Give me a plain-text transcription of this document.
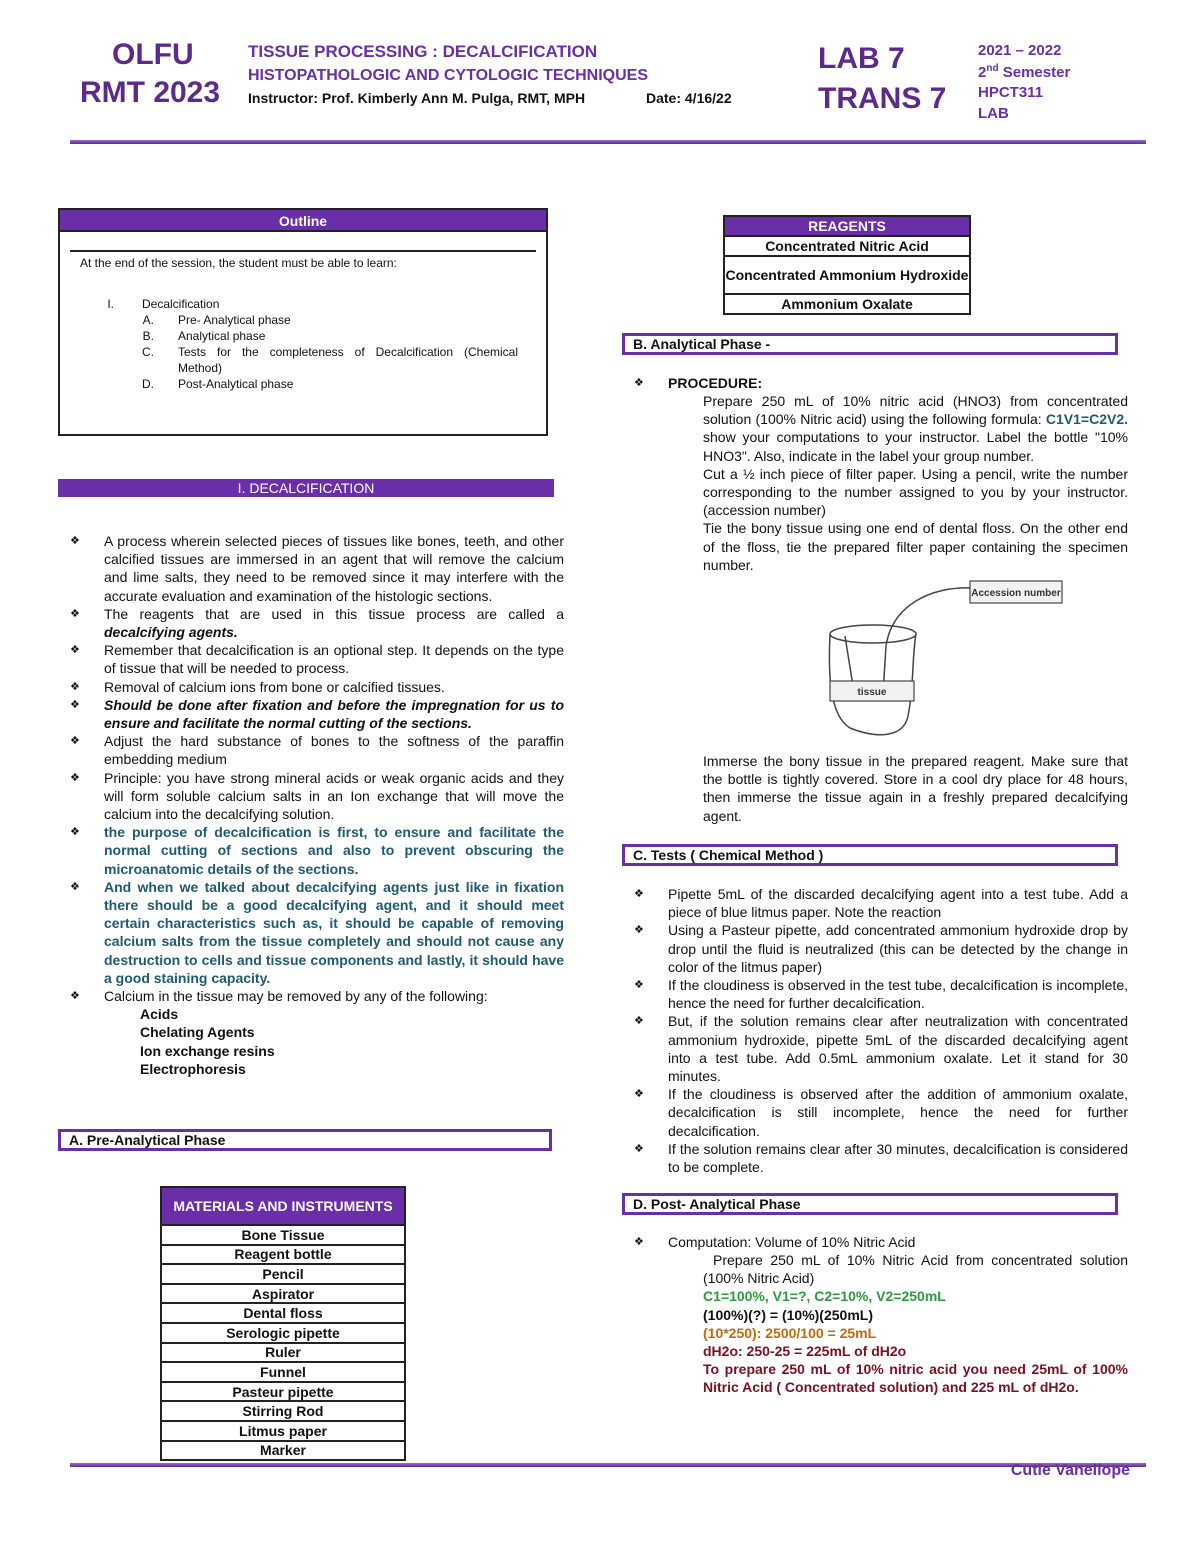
OLFU
RMT 2023
TISSUE PROCESSING : DECALCIFICATION
HISTOPATHOLOGIC AND CYTOLOGIC TECHNIQUES
Instructor: Prof. Kimberly Ann M. Pulga, RMT, MPH	Date: 4/16/22
LAB 7
TRANS 7
2021 – 2022
2nd Semester
HPCT311
LAB
Outline
At the end of the session, the student must be able to learn:
I.	Decalcification
A.	Pre- Analytical phase
B.	Analytical phase
C.	Tests for the completeness of Decalcification (Chemical Method)
D.	Post-Analytical phase
I. DECALCIFICATION
❖ A process wherein selected pieces of tissues like bones, teeth, and other calcified tissues are immersed in an agent that will remove the calcium and lime salts, they need to be removed since it may interfere with the accurate evaluation and examination of the histologic sections.
❖ The reagents that are used in this tissue process are called a decalcifying agents.
❖ Remember that decalcification is an optional step. It depends on the type of tissue that will be needed to process.
❖ Removal of calcium ions from bone or calcified tissues.
❖ Should be done after fixation and before the impregnation for us to ensure and facilitate the normal cutting of the sections.
❖ Adjust the hard substance of bones to the softness of the paraffin embedding medium
❖ Principle: you have strong mineral acids or weak organic acids and they will form soluble calcium salts in an Ion exchange that will move the calcium into the decalcifying solution.
❖ the purpose of decalcification is first, to ensure and facilitate the normal cutting of sections and also to prevent obscuring the microanatomic details of the sections.
❖ And when we talked about decalcifying agents just like in fixation there should be a good decalcifying agent, and it should meet certain characteristics such as, it should be capable of removing calcium salts from the tissue completely and should not cause any destruction to cells and tissue components and lastly, it should have a good staining capacity.
❖ Calcium in the tissue may be removed by any of the following:
Acids
Chelating Agents
Ion exchange resins
Electrophoresis
A. Pre-Analytical Phase
MATERIALS AND INSTRUMENTS
Bone Tissue
Reagent bottle
Pencil
Aspirator
Dental floss
Serologic pipette
Ruler
Funnel
Pasteur pipette
Stirring Rod
Litmus paper
Marker
REAGENTS
Concentrated Nitric Acid
Concentrated Ammonium Hydroxide
Ammonium Oxalate
B. Analytical Phase -
❖ PROCEDURE:
Prepare 250 mL of 10% nitric acid (HNO3) from concentrated solution (100% Nitric acid) using the following formula: C1V1=C2V2. show your computations to your instructor. Label the bottle "10% HNO3". Also, indicate in the label your group number.
Cut a ½ inch piece of filter paper. Using a pencil, write the number corresponding to the number assigned to you by your instructor. (accession number)
Tie the bony tissue using one end of dental floss. On the other end of the floss, tie the prepared filter paper containing the specimen number.
Accession number
tissue
Immerse the bony tissue in the prepared reagent. Make sure that the bottle is tightly covered. Store in a cool dry place for 48 hours, then immerse the tissue again in a freshly prepared decalcifying agent.
C. Tests ( Chemical Method )
❖ Pipette 5mL of the discarded decalcifying agent into a test tube. Add a piece of blue litmus paper. Note the reaction
❖ Using a Pasteur pipette, add concentrated ammonium hydroxide drop by drop until the fluid is neutralized (this can be detected by the change in color of the litmus paper)
❖ If the cloudiness is observed in the test tube, decalcification is incomplete, hence the need for further decalcification.
❖ But, if the solution remains clear after neutralization with concentrated ammonium hydroxide, pipette 5mL of the discarded decalcifying agent into a test tube. Add 0.5mL ammonium oxalate. Let it stand for 30 minutes.
❖ If the cloudiness is observed after the addition of ammonium oxalate, decalcification is still incomplete, hence the need for further decalcification.
❖ If the solution remains clear after 30 minutes, decalcification is considered to be complete.
D. Post- Analytical Phase
❖ Computation: Volume of 10% Nitric Acid
Prepare 250 mL of 10% Nitric Acid from concentrated solution (100% Nitric Acid)
C1=100%, V1=?, C2=10%, V2=250mL
(100%)(?) = (10%)(250mL)
(10*250): 2500/100 = 25mL
dH2o: 250-25 = 225mL of dH2o
To prepare 250 mL of 10% nitric acid you need 25mL of 100% Nitric Acid ( Concentrated solution) and 225 mL of dH2o.
Cutie Vanellope
